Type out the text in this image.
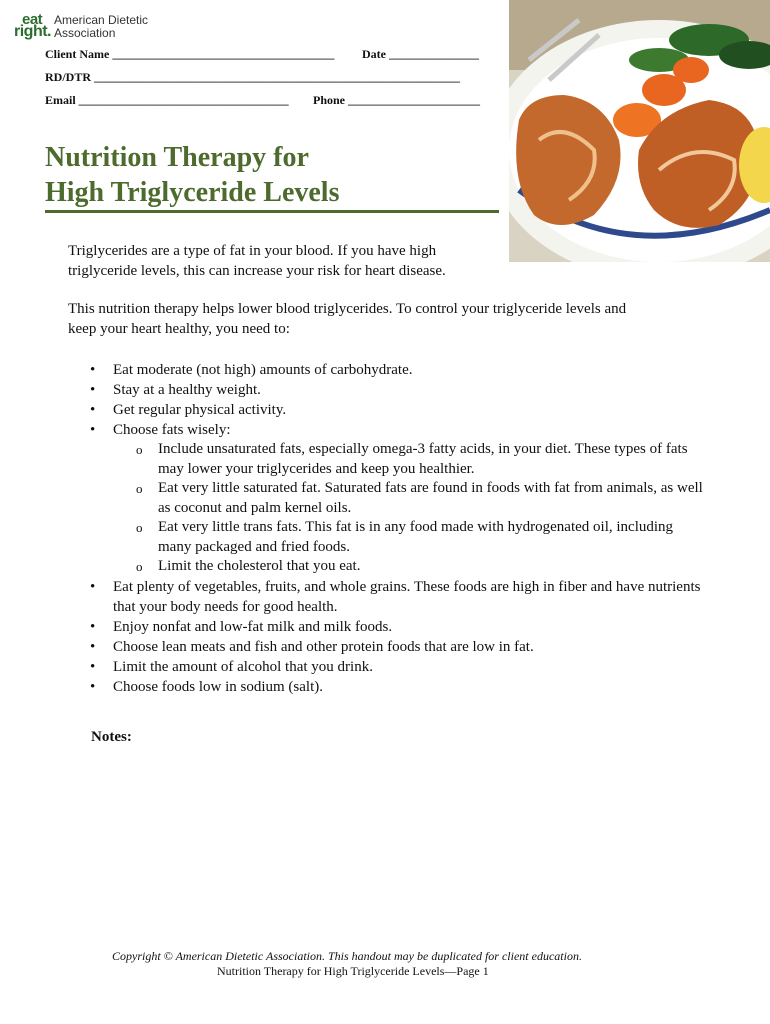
eat
right.
American Dietetic
Association
Client Name _____________________________________ Date _______________
RD/DTR _____________________________________________________________
Email ___________________________________ Phone ______________________
Nutrition Therapy for
High Triglyceride Levels
Triglycerides are a type of fat in your blood. If you have high
triglyceride levels, this can increase your risk for heart disease.
This nutrition therapy helps lower blood triglycerides. To control your triglyceride levels and
keep your heart healthy, you need to:
• Eat moderate (not high) amounts of carbohydrate.
• Stay at a healthy weight.
• Get regular physical activity.
• Choose fats wisely:
o Include unsaturated fats, especially omega-3 fatty acids, in your diet. These types of fats may lower your triglycerides and keep you healthier.
o Eat very little saturated fat. Saturated fats are found in foods with fat from animals, as well as coconut and palm kernel oils.
o Eat very little trans fats. This fat is in any food made with hydrogenated oil, including many packaged and fried foods.
o Limit the cholesterol that you eat.
• Eat plenty of vegetables, fruits, and whole grains. These foods are high in fiber and have nutrients that your body needs for good health.
• Enjoy nonfat and low-fat milk and milk foods.
• Choose lean meats and fish and other protein foods that are low in fat.
• Limit the amount of alcohol that you drink.
• Choose foods low in sodium (salt).
Notes:
Copyright © American Dietetic Association. This handout may be duplicated for client education.
Nutrition Therapy for High Triglyceride Levels—Page 1
